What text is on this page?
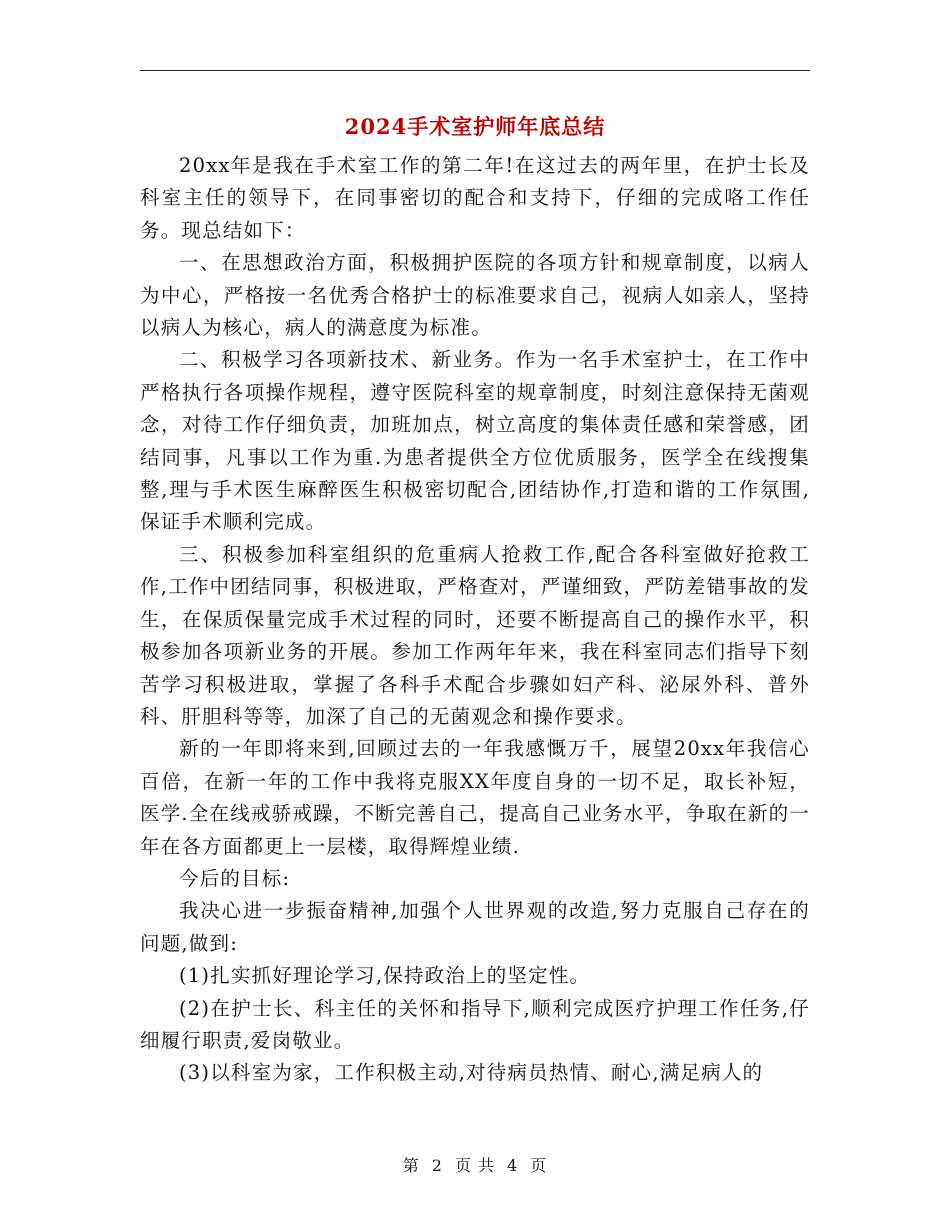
2024手术室护师年底总结

20xx年是我在手术室工作的第二年!在这过去的两年里，在护士长及科室主任的领导下，在同事密切的配合和支持下，仔细的完成咯工作任务。现总结如下：

一、在思想政治方面，积极拥护医院的各项方针和规章制度，以病人为中心，严格按一名优秀合格护士的标准要求自己，视病人如亲人，坚持以病人为核心，病人的满意度为标准。

二、积极学习各项新技术、新业务。作为一名手术室护士，在工作中严格执行各项操作规程，遵守医院科室的规章制度，时刻注意保持无菌观念，对待工作仔细负责，加班加点，树立高度的集体责任感和荣誉感，团结同事，凡事以工作为重.为患者提供全方位优质服务，医学全在线搜集整,理与手术医生麻醉医生积极密切配合,团结协作,打造和谐的工作氛围,保证手术顺利完成。

三、积极参加科室组织的危重病人抢救工作,配合各科室做好抢救工作,工作中团结同事，积极进取，严格查对，严谨细致，严防差错事故的发生，在保质保量完成手术过程的同时，还要不断提高自己的操作水平，积极参加各项新业务的开展。参加工作两年年来，我在科室同志们指导下刻苦学习积极进取，掌握了各科手术配合步骤如妇产科、泌尿外科、普外科、肝胆科等等，加深了自己的无菌观念和操作要求。

新的一年即将来到,回顾过去的一年我感慨万千，展望20xx年我信心百倍，在新一年的工作中我将克服XX年度自身的一切不足，取长补短，医学.全在线戒骄戒躁，不断完善自己，提高自己业务水平，争取在新的一年在各方面都更上一层楼，取得辉煌业绩.

今后的目标:

我决心进一步振奋精神,加强个人世界观的改造,努力克服自己存在的问题,做到:

(1)扎实抓好理论学习,保持政治上的坚定性。

(2)在护士长、科主任的关怀和指导下,顺利完成医疗护理工作任务,仔细履行职责,爱岗敬业。

(3)以科室为家，工作积极主动,对待病员热情、耐心,满足病人的

第 2 页 共 4 页
